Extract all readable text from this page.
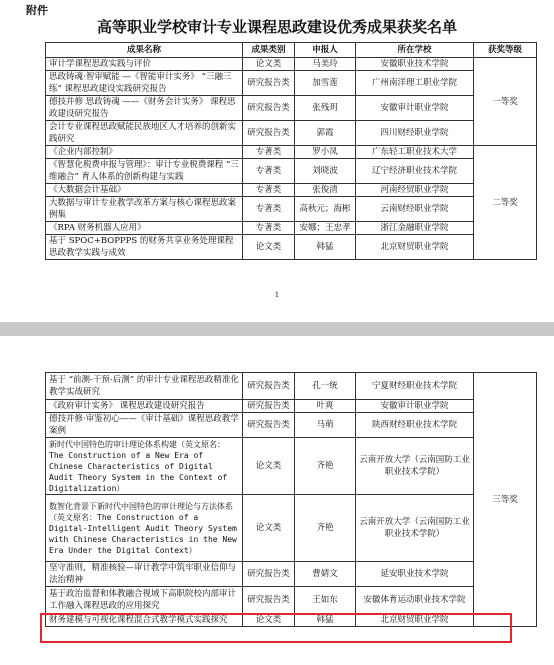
附件
高等职业学校审计专业课程思政建设优秀成果获奖名单
成果名称	成果类别	申报人	所在学校	获奖等级
审计学课程思政实践与评价	论文类	马美玲	安徽职业技术学院	一等奖
思政铸魂·智审赋能 —《智能审计实务》 “三融三练” 课程思政建设实践研究报告	研究报告类	加雪莲	广州南洋理工职业学院	
德技并修 思政铸魂 ——《财务会计实务》 课程思政建设研究报告	研究报告类	张残玥	安徽审计职业学院	
会计专业课程思政赋能民族地区人才培养的创新实践研究	研究报告类	郭霞	四川财经职业学院	
《企业内部控制》	专著类	罗小凤	广东轻工职业技术大学	二等奖
《智慧化税费申报与管理》：审计专业税费课程 “三维融合” 育人体系的创新构建与实践	专著类	刘晓波	辽宁经济职业技术学院	
《大数据会计基础》	专著类	张俊清	河南经贸职业学院	
大数据与审计专业教学改革方案与核心课程思政案例集	专著类	高秋元；海彬	云南财经职业学院	
《RPA 财务机器人应用》	专著类	安娜；王忠孝	浙江金融职业学院	
基于 SPOC+BOPPPS 的财务共享业务处理课程思政教学实践与成效	论文类	韩猛	北京财贸职业学院	
1
基于 “前测-干预-后测” 的审计专业课程思政精准化教学实战研究	研究报告类	孔一统	宁夏财经职业技术学院	三等奖
《政府审计实务》 课程思政建设研究报告	研究报告类	叶爽	安徽审计职业学院	
德技并修·审鉴初心——《审计基础》课程思政教学案例	研究报告类	马萌	陕西财经职业技术学院	
新时代中国特色的审计理论体系构建（英文原名：The Construction of a New Era of Chinese Characteristics of Digital Audit Theory System in the Context of Digitalization）	论文类	齐艳	云南开放大学（云南国防工业职业技术学院）	
数智化背景下新时代中国特色的审计理论与方法体系（英文原名：The Construction of a Digital-Intelligent Audit Theory System with Chinese Characteristics in the New Era Under the Digital Context）	论文类	齐艳	云南开放大学（云南国防工业职业技术学院）	
坚守准则，精准核验—审计教学中筑牢职业信仰与法治精神	研究报告类	曹婧文	延安职业技术学院	
基于政治监督和体教融合视域下高职院校内部审计工作融入课程思政的应用探究	研究报告类	王如东	安徽体育运动职业技术学院	
财务建模与可视化课程混合式教学模式实践探究	论文类	韩猛	北京财贸职业学院	
